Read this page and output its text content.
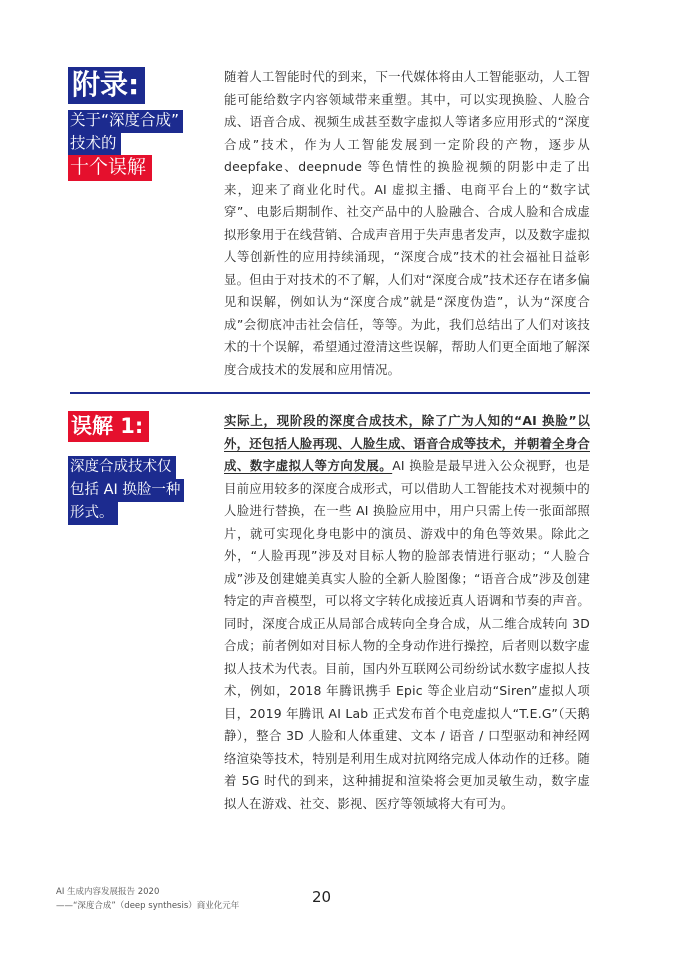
附录:
关于“深度合成”
技术的
十个误解

随着人工智能时代的到来，下一代媒体将由人工智能驱动，人工智能可能给数字内容领域带来重塑。其中，可以实现换脸、人脸合成、语音合成、视频生成甚至数字虚拟人等诸多应用形式的“深度合成”技术，作为人工智能发展到一定阶段的产物，逐步从 deepfake、deepnude 等色情性的换脸视频的阴影中走了出来，迎来了商业化时代。AI 虚拟主播、电商平台上的“数字试穿”、电影后期制作、社交产品中的人脸融合、合成人脸和合成虚拟形象用于在线营销、合成声音用于失声患者发声，以及数字虚拟人等创新性的应用持续涌现，“深度合成”技术的社会福祉日益彰显。但由于对技术的不了解，人们对“深度合成”技术还存在诸多偏见和误解，例如认为“深度合成”就是“深度伪造”，认为“深度合成”会彻底冲击社会信任，等等。为此，我们总结出了人们对该技术的十个误解，希望通过澄清这些误解，帮助人们更全面地了解深度合成技术的发展和应用情况。

误解 1:
深度合成技术仅
包括 AI 换脸一种
形式。

实际上，现阶段的深度合成技术，除了广为人知的“AI 换脸”以外，还包括人脸再现、人脸生成、语音合成等技术，并朝着全身合成、数字虚拟人等方向发展。AI 换脸是最早进入公众视野，也是目前应用较多的深度合成形式，可以借助人工智能技术对视频中的人脸进行替换，在一些 AI 换脸应用中，用户只需上传一张面部照片，就可实现化身电影中的演员、游戏中的角色等效果。除此之外，“人脸再现”涉及对目标人物的脸部表情进行驱动；“人脸合成”涉及创建媲美真实人脸的全新人脸图像；“语音合成”涉及创建特定的声音模型，可以将文字转化成接近真人语调和节奏的声音。同时，深度合成正从局部合成转向全身合成，从二维合成转向 3D 合成；前者例如对目标人物的全身动作进行操控，后者则以数字虚拟人技术为代表。目前，国内外互联网公司纷纷试水数字虚拟人技术，例如，2018 年腾讯携手 Epic 等企业启动“Siren”虚拟人项目，2019 年腾讯 AI Lab 正式发布首个电竞虚拟人“T.E.G”（天鹅静），整合 3D 人脸和人体重建、文本 / 语音 / 口型驱动和神经网络渲染等技术，特别是利用生成对抗网络完成人体动作的迁移。随着 5G 时代的到来，这种捕捉和渲染将会更加灵敏生动，数字虚拟人在游戏、社交、影视、医疗等领域将大有可为。

AI 生成内容发展报告 2020
——“深度合成”（deep synthesis）商业化元年	20
